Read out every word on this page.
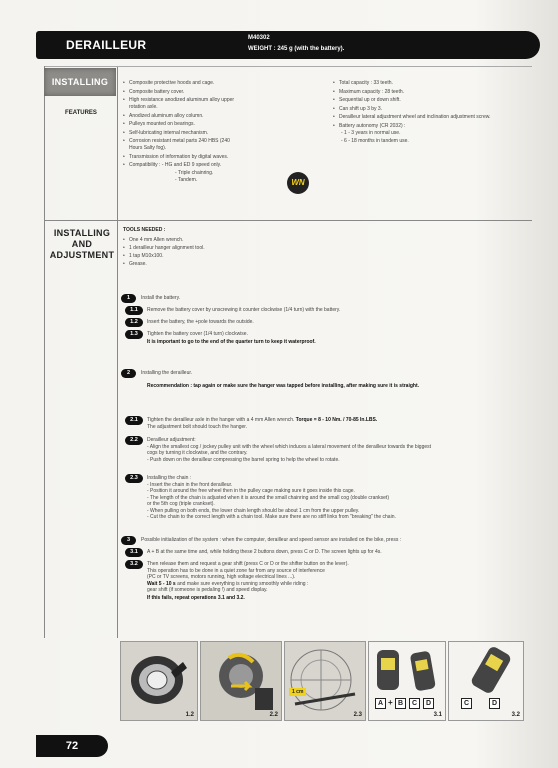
DERAILLEUR	M40302
WEIGHT : 245 g (with the battery).
INSTALLING
FEATURES
• Composite protective hoods and cage.
• Composite battery cover.
• High resistance anodized aluminum alloy upper rotation axle.
• Anodized aluminum alloy column.
• Pulleys mounted on bearings.
• Self-lubricating internal mechanism.
• Corrosion resistant metal parts 240 HBS (240 Hours Salty fog).
• Transmission of information by digital waves.
• Compatibility : - HG and ED 9 speed only.
- Triple chainring.
- Tandem.	WN
• Total capacity : 33 teeth.
• Maximum capacity : 28 teeth.
• Sequential up or down shift.
• Can shift up 3 by 3.
• Derailleur lateral adjustment wheel and inclination adjustment screw.
• Battery autonomy (CR 2032) :
- 1 - 3 years in normal use.
- 6 - 18 months in tandem use.
INSTALLING
AND
ADJUSTMENT
TOOLS NEEDED :
• One 4 mm Allen wrench.
• 1 derailleur hanger alignment tool.
• 1 tap M10x100.
• Grease.
1	Install the battery.
1.1	Remove the battery cover by unscrewing it counter clockwise (1/4 turn) with the battery.
1.2	Insert the battery, the +pole towards the outside.
1.3	Tighten the battery cover (1/4 turn) clockwise.
It is important to go to the end of the quarter turn to keep it waterproof.
2	Installing the derailleur.
Recommendation : tap again or make sure the hanger was tapped before installing, after making sure it is straight.
2.1	Tighten the derailleur axle in the hanger with a 4 mm Allen wrench. Torque = 8 - 10 Nm. / 70-85 In.LBS.
The adjustment bolt should touch the hanger.
2.2	Derailleur adjustment:
- Align the smallest cog / jockey pulley unit with the wheel which induces a lateral movement of the derailleur towards the biggest
cogs by turning it clockwise, and the contrary.
- Push down on the derailleur compressing the barrel spring to help the wheel to rotate.
2.3	Installing the chain :
- Insert the chain in the front derailleur.
- Position it around the free wheel then in the pulley cage making sure it goes inside this cage.
- The length of the chain is adjusted when it is around the small chainring and the small cog (double crankset)
or the 5th cog (triple crankset).
- When pulling on both ends, the lower chain length should be about 1 cm from the upper pulley.
- Cut the chain to the correct length with a chain tool. Make sure there are no stiff links from "breaking" the chain.
3	Possible initialization of the system : when the computer, derailleur and speed sensor are installed on the bike, press :
3.1	A + B at the same time and, while holding these 2 buttons down, press C or D. The screen lights up for 4s.
3.2	Then release them and request a gear shift (press C or D or the shifter button on the lever).
This operation has to be done in a quiet zone far from any source of interference
(PC or TV screens, motors running, high voltage electrical lines ...).
Wait 5 - 10 s and make sure everything is running smoothly while riding :
gear shift (if someone is pedaling !) and speed display.
If this fails, repeat operations 3.1 and 3.2.
1.2	2.2
1 cm
2.3
A + B	C	D
3.1
C	D
3.2
72
